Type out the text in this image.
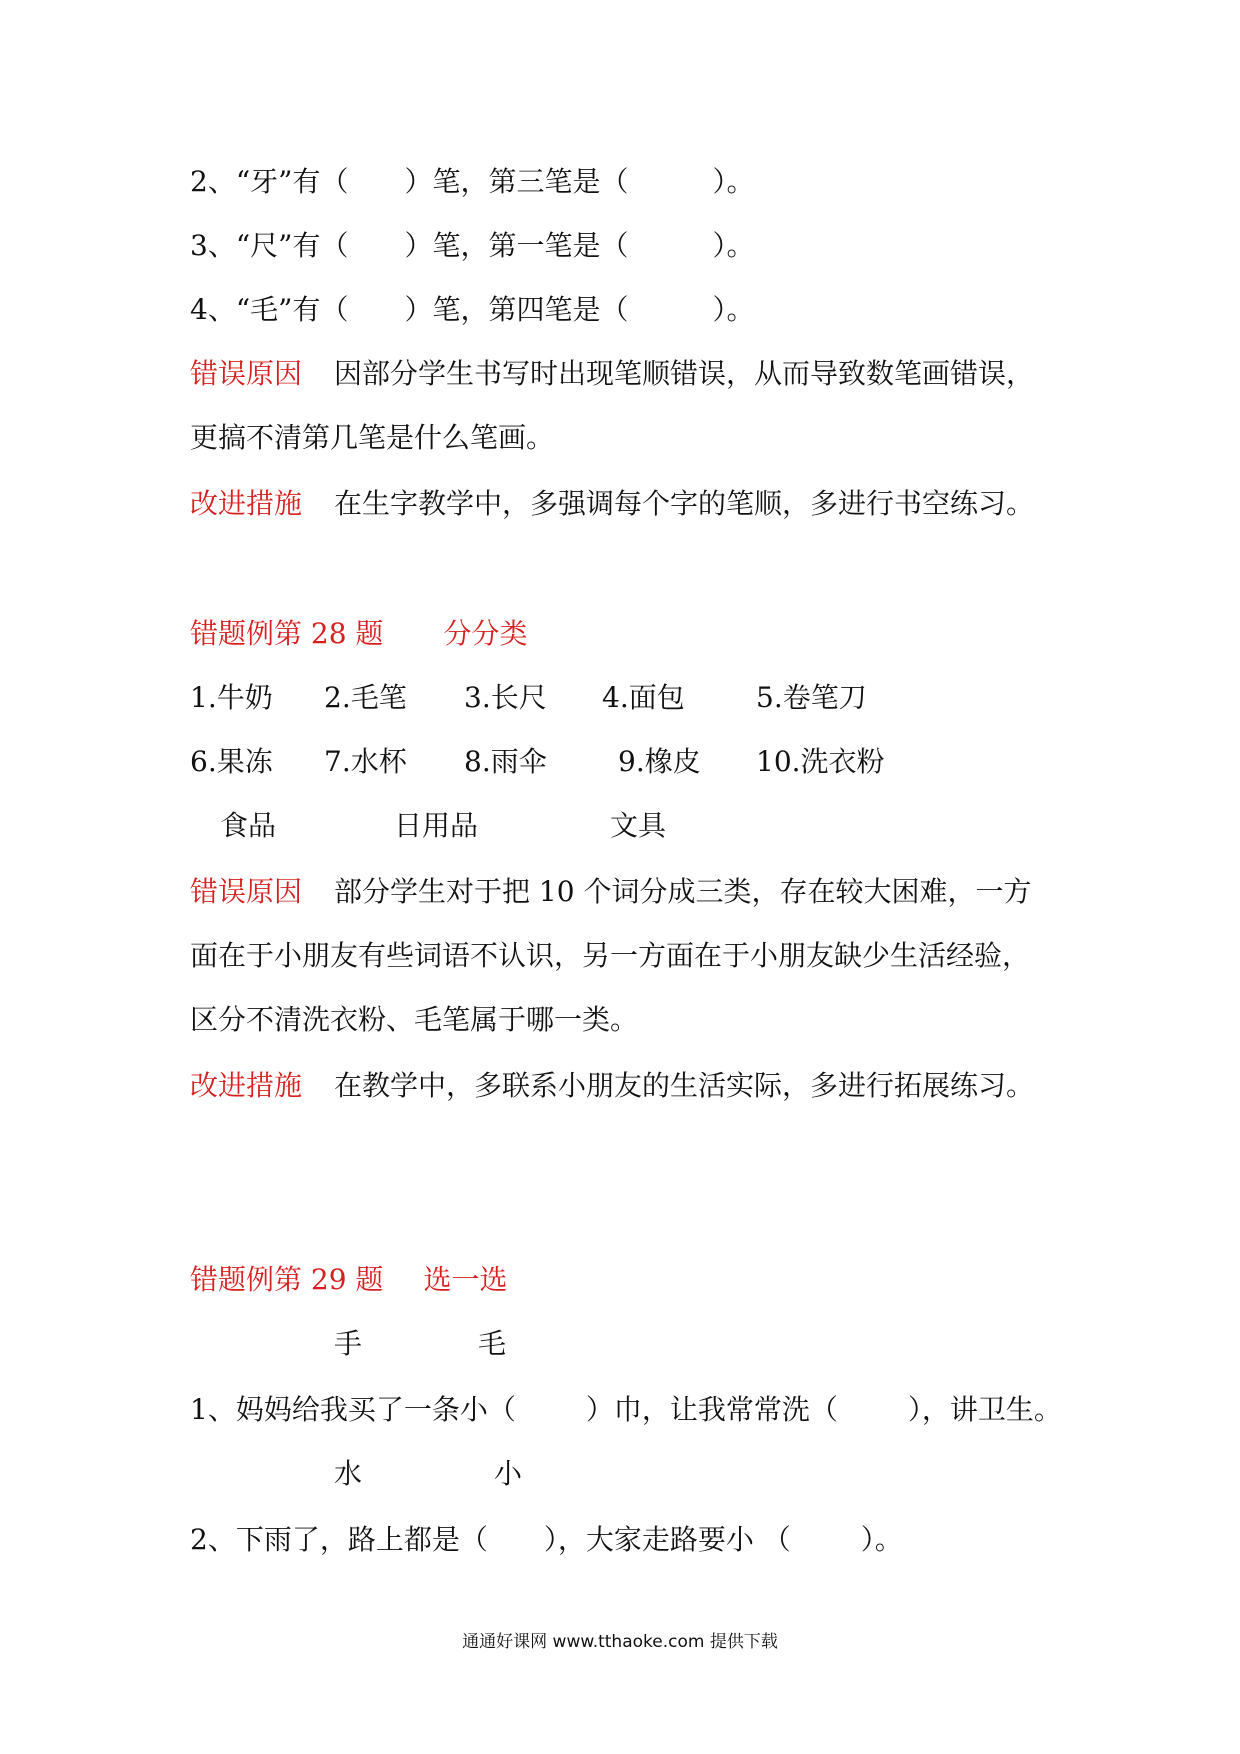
2、“牙”有（ ）笔，第三笔是（	）。
3、“尺”有（ ）笔，第一笔是（	）。
4、“毛”有（ ）笔，第四笔是（	）。
错误原因 因部分学生书写时出现笔顺错误，从而导致数笔画错误，
更搞不清第几笔是什么笔画。
改进措施 在生字教学中，多强调每个字的笔顺，多进行书空练习。
错题例第 28 题 分分类
1.牛奶 2.毛笔 3.长尺 4.面包	5.卷笔刀
6.果冻 7.水杯 8.雨伞	9.橡皮 10.洗衣粉
食品	日用品	文具
错误原因 部分学生对于把 10 个词分成三类，存在较大困难，一方
面在于小朋友有些词语不认识，另一方面在于小朋友缺少生活经验，
区分不清洗衣粉、毛笔属于哪一类。
改进措施 在教学中，多联系小朋友的生活实际，多进行拓展练习。
错题例第 29 题 选一选
手	毛
1、妈妈给我买了一条小（	）巾，让我常常洗（	），讲卫生。
水	小
2、下雨了，路上都是（ ），大家走路要小 （	）。
通通好课网 www.tthaoke.com 提供下载
